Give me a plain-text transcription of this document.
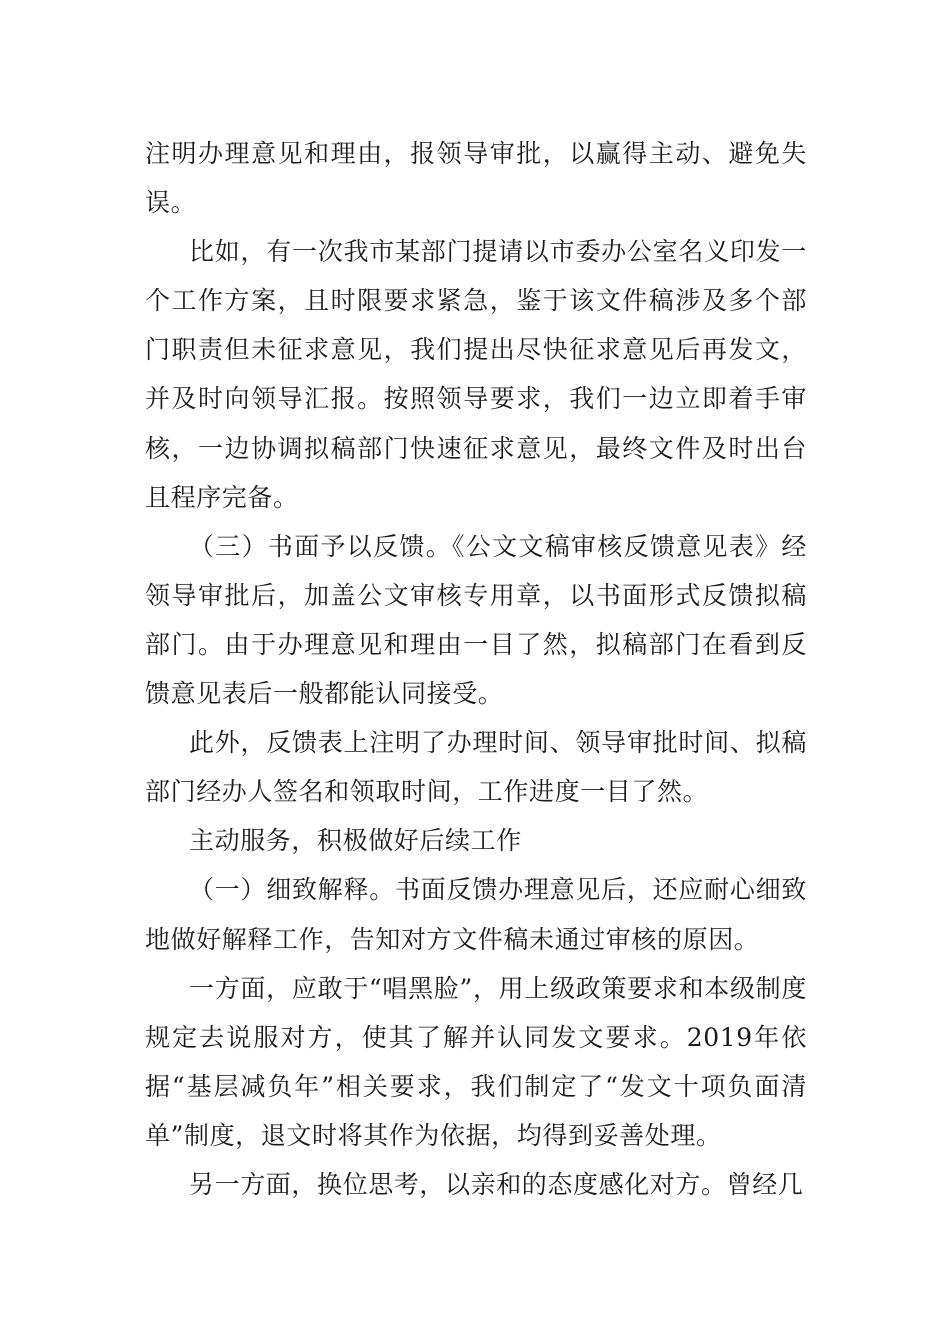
注明办理意见和理由，报领导审批，以赢得主动、避免失误。

比如，有一次我市某部门提请以市委办公室名义印发一个工作方案，且时限要求紧急，鉴于该文件稿涉及多个部门职责但未征求意见，我们提出尽快征求意见后再发文，并及时向领导汇报。按照领导要求，我们一边立即着手审核，一边协调拟稿部门快速征求意见，最终文件及时出台且程序完备。

（三）书面予以反馈。《公文文稿审核反馈意见表》经领导审批后，加盖公文审核专用章，以书面形式反馈拟稿部门。由于办理意见和理由一目了然，拟稿部门在看到反馈意见表后一般都能认同接受。

此外，反馈表上注明了办理时间、领导审批时间、拟稿部门经办人签名和领取时间，工作进度一目了然。

主动服务，积极做好后续工作

（一）细致解释。书面反馈办理意见后，还应耐心细致地做好解释工作，告知对方文件稿未通过审核的原因。

一方面，应敢于“唱黑脸”，用上级政策要求和本级制度规定去说服对方，使其了解并认同发文要求。2019年依据“基层减负年”相关要求，我们制定了“发文十项负面清单”制度，退文时将其作为依据，均得到妥善处理。

另一方面，换位思考，以亲和的态度感化对方。曾经几
